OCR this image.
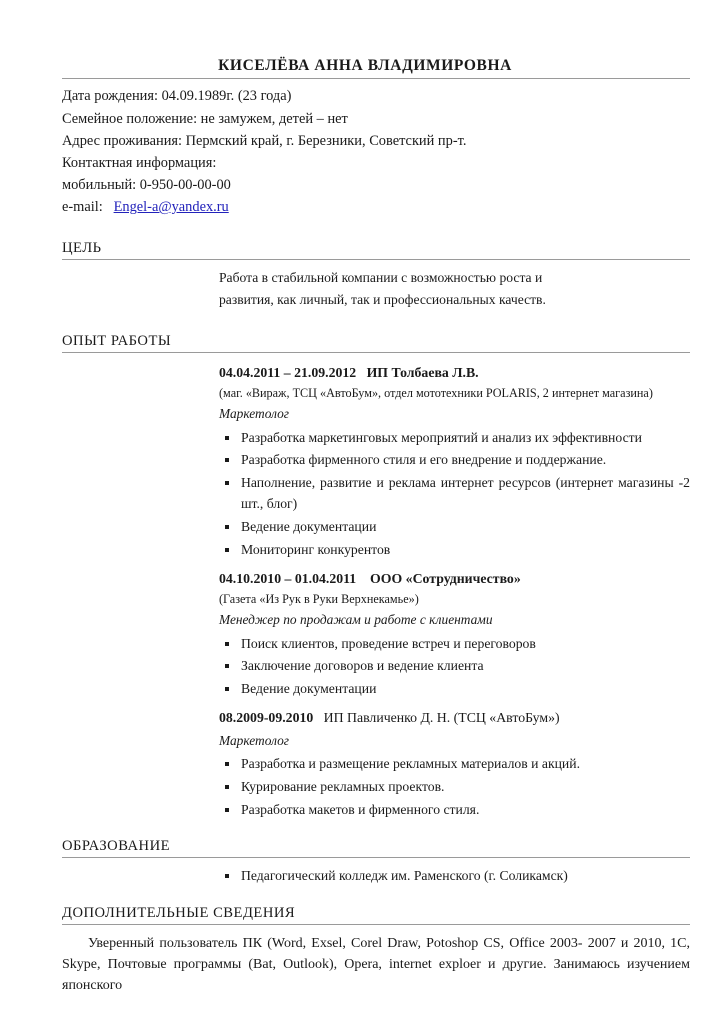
КИСЕЛЁВА АННА ВЛАДИМИРОВНА
Дата рождения: 04.09.1989г. (23 года)
Семейное положение: не замужем, детей – нет
Адрес проживания: Пермский край, г. Березники, Советский пр-т.
Контактная информация:
мобильный: 0-950-00-00-00
e-mail: Engel-a@yandex.ru
ЦЕЛЬ
Работа в стабильной компании с возможностью роста и
развития, как личный, так и профессиональных качеств.
ОПЫТ РАБОТЫ
04.04.2011 – 21.09.2012 ИП Толбаева Л.В.
(маг. «Вираж, ТСЦ «АвтоБум», отдел мототехники POLARIS, 2 интернет магазина)
Маркетолог
Разработка маркетинговых мероприятий и анализ их эффективности
Разработка фирменного стиля и его внедрение и поддержание.
Наполнение, развитие и реклама интернет ресурсов (интернет магазины -2 шт., блог)
Ведение документации
Мониторинг конкурентов
04.10.2010 – 01.04.2011 ООО «Сотрудничество»
(Газета «Из Рук в Руки Верхнекамье»)
Менеджер по продажам и работе с клиентами
Поиск клиентов, проведение встреч и переговоров
Заключение договоров и ведение клиента
Ведение документации
08.2009-09.2010 ИП Павличенко Д. Н. (ТСЦ «АвтоБум»)
Маркетолог
Разработка и размещение рекламных материалов и акций.
Курирование рекламных проектов.
Разработка макетов и фирменного стиля.
ОБРАЗОВАНИЕ
Педагогический колледж им. Раменского (г. Соликамск)
ДОПОЛНИТЕЛЬНЫЕ СВЕДЕНИЯ
Уверенный пользователь ПК (Word, Exsel, Corel Draw, Potoshop CS, Office 2003- 2007 и 2010, 1С, Skype, Почтовые программы (Bat, Outlook), Opera, internet exploer и другие. Занимаюсь изучением японского
